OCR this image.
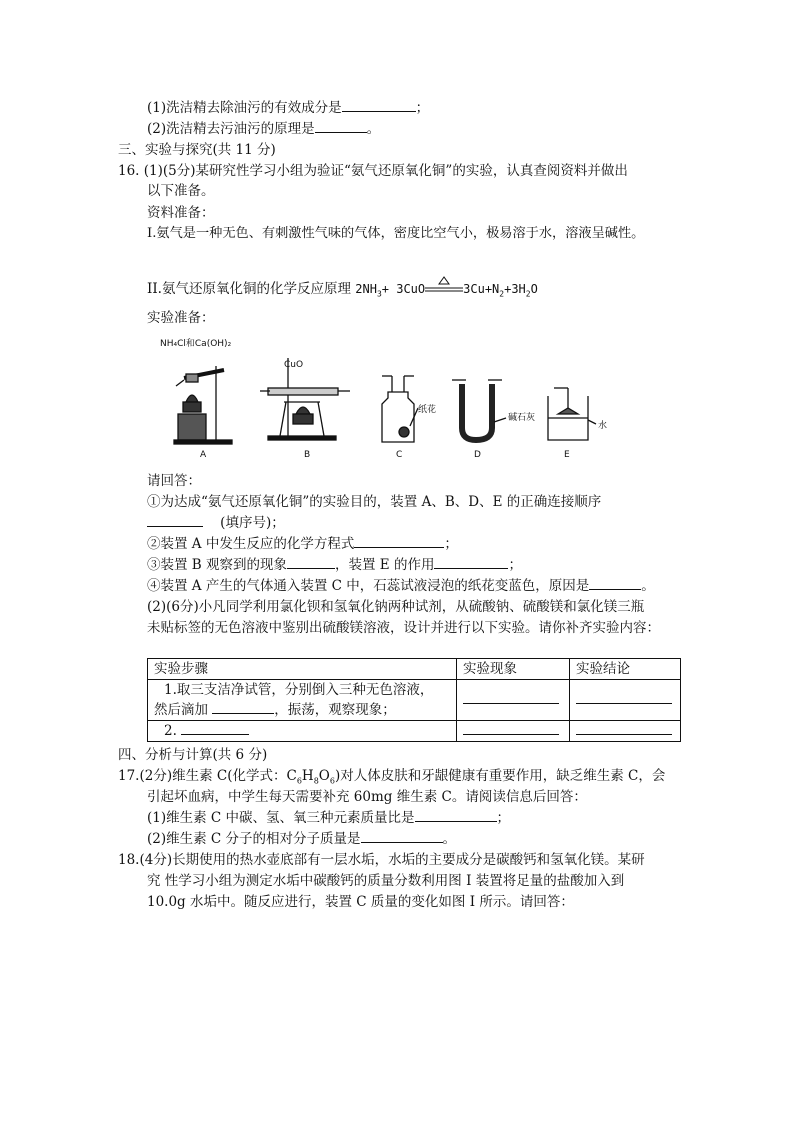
(1)洗洁精去除油污的有效成分是	；
(2)洗洁精去污油污的原理是	。
三、实验与探究(共 11 分)
16. (1)(5分)某研究性学习小组为验证“氨气还原氧化铜”的实验，认真查阅资料并做出
以下准备。
资料准备：
I.氨气是一种无色、有刺激性气味的气体，密度比空气小，极易溶于水，溶液呈碱性。
II.氨气还原氧化铜的化学反应原理 $2NH_3+ 3CuO$	$3Cu+N_2+3H_2O$
实验准备：
NH₄Cl和Ca(OH)₂
A
CuO
B
纸花
C
碱石灰
D
水
E
请回答：
①为达成“氨气还原氧化铜”的实验目的，装置 A、B、D、E 的正确连接顺序
(填序号)；
②装置 A 中发生反应的化学方程式	；
③装置 B 观察到的现象	，装置 E 的作用	；
④装置 A 产生的气体通入装置 C 中，石蕊试液浸泡的纸花变蓝色，原因是	。
(2)(6分)小凡同学利用氯化钡和氢氧化钠两种试剂，从硫酸钠、硫酸镁和氯化镁三瓶
未贴标签的无色溶液中鉴别出硫酸镁溶液，设计并进行以下实验。请你补齐实验内容：
实验步骤	实验现象	实验结论

1.取三支洁净试管，分别倒入三种无色溶液，
然后滴加 ，振荡，观察现象；		

2.		
四、分析与计算(共 6 分)
17.(2分)维生素 C(化学式：$C_6H_8O_6$)对人体皮肤和牙龈健康有重要作用，缺乏维生素 C，会
引起坏血病，中学生每天需要补充 60mg 维生素 C。请阅读信息后回答：
(1)维生素 C 中碳、氢、氧三种元素质量比是	；
(2)维生素 C 分子的相对分子质量是	。
18.(4分)长期使用的热水壶底部有一层水垢，水垢的主要成分是碳酸钙和氢氧化镁。某研
究 性学习小组为测定水垢中碳酸钙的质量分数利用图 I 装置将足量的盐酸加入到
10.0g 水垢中。随反应进行，装置 C 质量的变化如图 I 所示。请回答：
